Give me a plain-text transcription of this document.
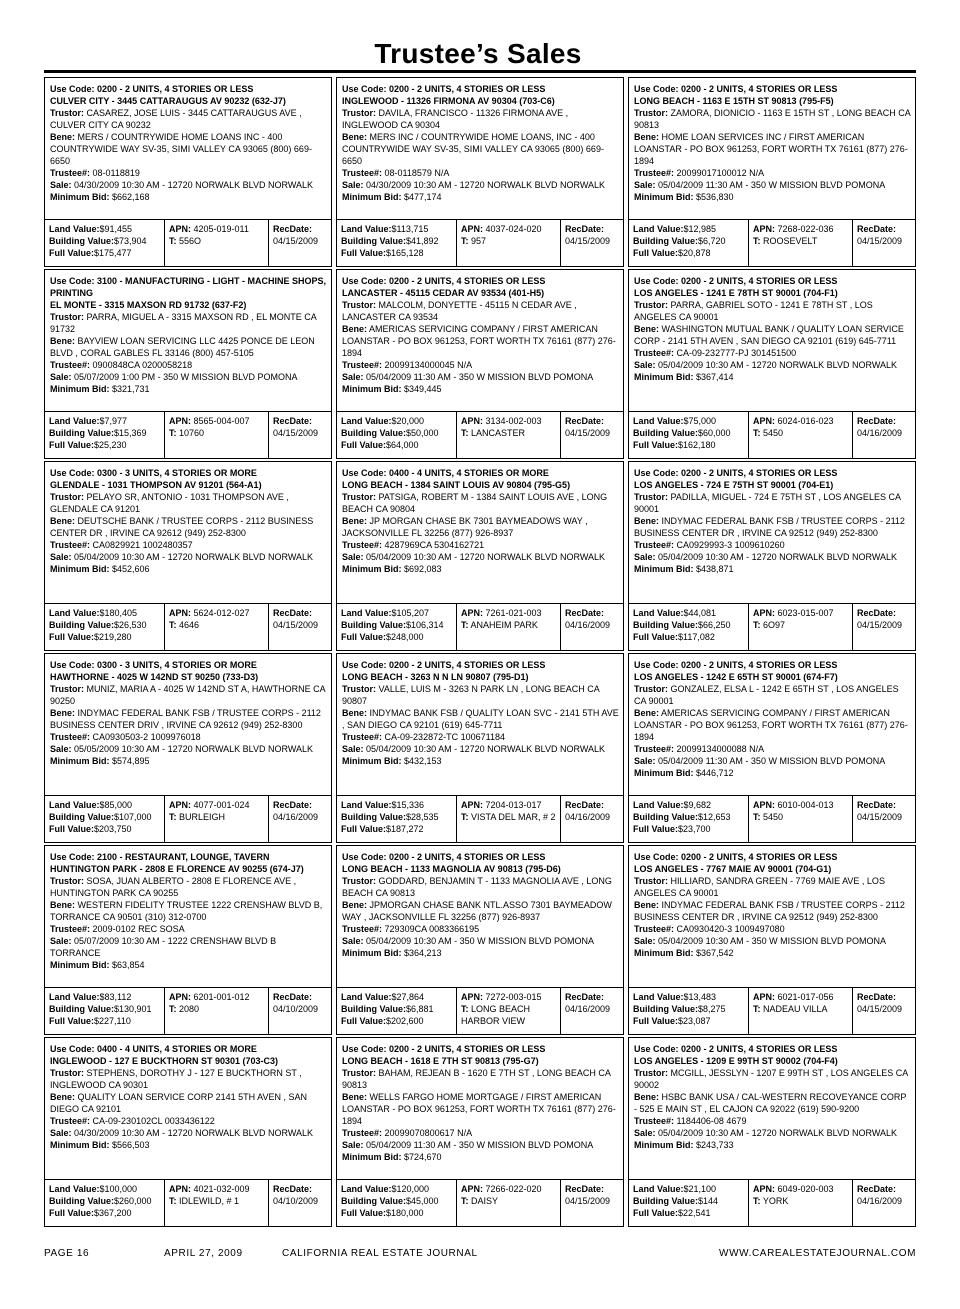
Trustee’s Sales
Use Code: 0200 - 2 UNITS, 4 STORIES OR LESS
CULVER CITY - 3445 CATTARAUGUS AV 90232 (632-J7)
Trustor: CASAREZ, JOSE LUIS - 3445 CATTARAUGUS AVE , CULVER CITY CA 90232
Bene: MERS / COUNTRYWIDE HOME LOANS INC - 400 COUNTRYWIDE WAY SV-35, SIMI VALLEY CA 93065 (800) 669-6650
Trustee#: 08-0118819
Sale: 04/30/2009 10:30 AM - 12720 NORWALK BLVD NORWALK
Minimum Bid: $662,168
Land Value:$91,455
Building Value:$73,904
Full Value:$175,477
APN: 4205-019-011
T: 556O
RecDate:
04/15/2009
Use Code: 0200 - 2 UNITS, 4 STORIES OR LESS
INGLEWOOD - 11326 FIRMONA AV 90304 (703-C6)
Trustor: DAVILA, FRANCISCO - 11326 FIRMONA AVE , INGLEWOOD CA 90304
Bene: MERS INC / COUNTRYWIDE HOME LOANS, INC - 400 COUNTRYWIDE WAY SV-35, SIMI VALLEY CA 93065 (800) 669-6650
Trustee#: 08-0118579 N/A
Sale: 04/30/2009 10:30 AM - 12720 NORWALK BLVD NORWALK
Minimum Bid: $477,174
Land Value:$113,715
Building Value:$41,892
Full Value:$165,128
APN: 4037-024-020
T: 957
RecDate:
04/15/2009
Use Code: 0200 - 2 UNITS, 4 STORIES OR LESS
LONG BEACH - 1163 E 15TH ST 90813 (795-F5)
Trustor: ZAMORA, DIONICIO - 1163 E 15TH ST , LONG BEACH CA 90813
Bene: HOME LOAN SERVICES INC / FIRST AMERICAN LOANSTAR - PO BOX 961253, FORT WORTH TX 76161 (877) 276-1894
Trustee#: 20099017100012 N/A
Sale: 05/04/2009 11:30 AM - 350 W MISSION BLVD POMONA
Minimum Bid: $536,830
Land Value:$12,985
Building Value:$6,720
Full Value:$20,878
APN: 7268-022-036
T: ROOSEVELT
RecDate:
04/15/2009
Use Code: 3100 - MANUFACTURING - LIGHT - MACHINE SHOPS, PRINTING
EL MONTE - 3315 MAXSON RD 91732 (637-F2)
Trustor: PARRA, MIGUEL A - 3315 MAXSON RD , EL MONTE CA 91732
Bene: BAYVIEW LOAN SERVICING LLC 4425 PONCE DE LEON BLVD , CORAL GABLES FL 33146 (800) 457-5105
Trustee#: 0900848CA 0200058218
Sale: 05/07/2009 1:00 PM - 350 W MISSION BLVD POMONA
Minimum Bid: $321,731
Land Value:$7,977
Building Value:$15,369
Full Value:$25,230
APN: 8565-004-007
T: 10760
RecDate:
04/15/2009
Use Code: 0200 - 2 UNITS, 4 STORIES OR LESS
LANCASTER - 45115 CEDAR AV 93534 (401-H5)
Trustor: MALCOLM, DONYETTE - 45115 N CEDAR AVE , LANCASTER CA 93534
Bene: AMERICAS SERVICING COMPANY / FIRST AMERICAN LOANSTAR - PO BOX 961253, FORT WORTH TX 76161 (877) 276-1894
Trustee#: 20099134000045 N/A
Sale: 05/04/2009 11:30 AM - 350 W MISSION BLVD POMONA
Minimum Bid: $349,445
Land Value:$20,000
Building Value:$50,000
Full Value:$64,000
APN: 3134-002-003
T: LANCASTER
RecDate:
04/15/2009
Use Code: 0200 - 2 UNITS, 4 STORIES OR LESS
LOS ANGELES - 1241 E 78TH ST 90001 (704-F1)
Trustor: PARRA, GABRIEL SOTO - 1241 E 78TH ST , LOS ANGELES CA 90001
Bene: WASHINGTON MUTUAL BANK / QUALITY LOAN SERVICE CORP - 2141 5TH AVEN , SAN DIEGO CA 92101 (619) 645-7711
Trustee#: CA-09-232777-PJ 301451500
Sale: 05/04/2009 10:30 AM - 12720 NORWALK BLVD NORWALK
Minimum Bid: $367,414
Land Value:$75,000
Building Value:$60,000
Full Value:$162,180
APN: 6024-016-023
T: 5450
RecDate:
04/16/2009
Use Code: 0300 - 3 UNITS, 4 STORIES OR MORE
GLENDALE - 1031 THOMPSON AV 91201 (564-A1)
Trustor: PELAYO SR, ANTONIO - 1031 THOMPSON AVE , GLENDALE CA 91201
Bene: DEUTSCHE BANK / TRUSTEE CORPS - 2112 BUSINESS CENTER DR , IRVINE CA 92612 (949) 252-8300
Trustee#: CA0829921 1002480357
Sale: 05/04/2009 10:30 AM - 12720 NORWALK BLVD NORWALK
Minimum Bid: $452,606
Land Value:$180,405
Building Value:$26,530
Full Value:$219,280
APN: 5624-012-027
T: 4646
RecDate:
04/15/2009
Use Code: 0400 - 4 UNITS, 4 STORIES OR MORE
LONG BEACH - 1384 SAINT LOUIS AV 90804 (795-G5)
Trustor: PATSIGA, ROBERT M - 1384 SAINT LOUIS AVE , LONG BEACH CA 90804
Bene: JP MORGAN CHASE BK 7301 BAYMEADOWS WAY , JACKSONVILLE FL 32256 (877) 926-8937
Trustee#: 4287969CA 5304162721
Sale: 05/04/2009 10:30 AM - 12720 NORWALK BLVD NORWALK
Minimum Bid: $692,083
Land Value:$105,207
Building Value:$106,314
Full Value:$248,000
APN: 7261-021-003
T: ANAHEIM PARK
RecDate:
04/16/2009
Use Code: 0200 - 2 UNITS, 4 STORIES OR LESS
LOS ANGELES - 724 E 75TH ST 90001 (704-E1)
Trustor: PADILLA, MIGUEL - 724 E 75TH ST , LOS ANGELES CA 90001
Bene: INDYMAC FEDERAL BANK FSB / TRUSTEE CORPS - 2112 BUSINESS CENTER DR , IRVINE CA 92512 (949) 252-8300
Trustee#: CA0929993-3 1009610260
Sale: 05/04/2009 10:30 AM - 12720 NORWALK BLVD NORWALK
Minimum Bid: $438,871
Land Value:$44,081
Building Value:$66,250
Full Value:$117,082
APN: 6023-015-007
T: 6O97
RecDate:
04/15/2009
Use Code: 0300 - 3 UNITS, 4 STORIES OR MORE
HAWTHORNE - 4025 W 142ND ST 90250 (733-D3)
Trustor: MUNIZ, MARIA A - 4025 W 142ND ST A, HAWTHORNE CA 90250
Bene: INDYMAC FEDERAL BANK FSB / TRUSTEE CORPS - 2112 BUSINESS CENTER DRIV , IRVINE CA 92612 (949) 252-8300
Trustee#: CA0930503-2 1009976018
Sale: 05/05/2009 10:30 AM - 12720 NORWALK BLVD NORWALK
Minimum Bid: $574,895
Land Value:$85,000
Building Value:$107,000
Full Value:$203,750
APN: 4077-001-024
T: BURLEIGH
RecDate:
04/16/2009
Use Code: 0200 - 2 UNITS, 4 STORIES OR LESS
LONG BEACH - 3263 N N LN 90807 (795-D1)
Trustor: VALLE, LUIS M - 3263 N PARK LN , LONG BEACH CA 90807
Bene: INDYMAC BANK FSB / QUALITY LOAN SVC - 2141 5TH AVE , SAN DIEGO CA 92101 (619) 645-7711
Trustee#: CA-09-232872-TC 100671184
Sale: 05/04/2009 10:30 AM - 12720 NORWALK BLVD NORWALK
Minimum Bid: $432,153
Land Value:$15,336
Building Value:$28,535
Full Value:$187,272
APN: 7204-013-017
T: VISTA DEL MAR, # 2
RecDate:
04/16/2009
Use Code: 0200 - 2 UNITS, 4 STORIES OR LESS
LOS ANGELES - 1242 E 65TH ST 90001 (674-F7)
Trustor: GONZALEZ, ELSA L - 1242 E 65TH ST , LOS ANGELES CA 90001
Bene: AMERICAS SERVICING COMPANY / FIRST AMERICAN LOANSTAR - PO BOX 961253, FORT WORTH TX 76161 (877) 276-1894
Trustee#: 20099134000088 N/A
Sale: 05/04/2009 11:30 AM - 350 W MISSION BLVD POMONA
Minimum Bid: $446,712
Land Value:$9,682
Building Value:$12,653
Full Value:$23,700
APN: 6010-004-013
T: 5450
RecDate:
04/15/2009
Use Code: 2100 - RESTAURANT, LOUNGE, TAVERN
HUNTINGTON PARK - 2808 E FLORENCE AV 90255 (674-J7)
Trustor: SOSA, JUAN ALBERTO - 2808 E FLORENCE AVE , HUNTINGTON PARK CA 90255
Bene: WESTERN FIDELITY TRUSTEE 1222 CRENSHAW BLVD B, TORRANCE CA 90501 (310) 312-0700
Trustee#: 2009-0102 REC SOSA
Sale: 05/07/2009 10:30 AM - 1222 CRENSHAW BLVD B TORRANCE
Minimum Bid: $63,854
Land Value:$83,112
Building Value:$130,901
Full Value:$227,110
APN: 6201-001-012
T: 2080
RecDate:
04/10/2009
Use Code: 0200 - 2 UNITS, 4 STORIES OR LESS
LONG BEACH - 1133 MAGNOLIA AV 90813 (795-D6)
Trustor: GODDARD, BENJAMIN T - 1133 MAGNOLIA AVE , LONG BEACH CA 90813
Bene: JPMORGAN CHASE BANK NTL.ASSO 7301 BAYMEADOW WAY , JACKSONVILLE FL 32256 (877) 926-8937
Trustee#: 729309CA 0083366195
Sale: 05/04/2009 10:30 AM - 350 W MISSION BLVD POMONA
Minimum Bid: $364,213
Land Value:$27,864
Building Value:$6,881
Full Value:$202,600
APN: 7272-003-015
T: LONG BEACH HARBOR VIEW
RecDate:
04/16/2009
Use Code: 0200 - 2 UNITS, 4 STORIES OR LESS
LOS ANGELES - 7767 MAIE AV 90001 (704-G1)
Trustor: HILLIARD, SANDRA GREEN - 7769 MAIE AVE , LOS ANGELES CA 90001
Bene: INDYMAC FEDERAL BANK FSB / TRUSTEE CORPS - 2112 BUSINESS CENTER DR , IRVINE CA 92512 (949) 252-8300
Trustee#: CA0930420-3 1009497080
Sale: 05/04/2009 10:30 AM - 350 W MISSION BLVD POMONA
Minimum Bid: $367,542
Land Value:$13,483
Building Value:$8,275
Full Value:$23,087
APN: 6021-017-056
T: NADEAU VILLA
RecDate:
04/15/2009
Use Code: 0400 - 4 UNITS, 4 STORIES OR MORE
INGLEWOOD - 127 E BUCKTHORN ST 90301 (703-C3)
Trustor: STEPHENS, DOROTHY J - 127 E BUCKTHORN ST , INGLEWOOD CA 90301
Bene: QUALITY LOAN SERVICE CORP 2141 5TH AVEN , SAN DIEGO CA 92101
Trustee#: CA-09-230102CL 0033436122
Sale: 04/30/2009 10:30 AM - 12720 NORWALK BLVD NORWALK
Minimum Bid: $566,503
Land Value:$100,000
Building Value:$260,000
Full Value:$367,200
APN: 4021-032-009
T: IDLEWILD, # 1
RecDate:
04/10/2009
Use Code: 0200 - 2 UNITS, 4 STORIES OR LESS
LONG BEACH - 1618 E 7TH ST 90813 (795-G7)
Trustor: BAHAM, REJEAN B - 1620 E 7TH ST , LONG BEACH CA 90813
Bene: WELLS FARGO HOME MORTGAGE / FIRST AMERICAN LOANSTAR - PO BOX 961253, FORT WORTH TX 76161 (877) 276-1894
Trustee#: 20099070800617 N/A
Sale: 05/04/2009 11:30 AM - 350 W MISSION BLVD POMONA
Minimum Bid: $724,670
Land Value:$120,000
Building Value:$45,000
Full Value:$180,000
APN: 7266-022-020
T: DAISY
RecDate:
04/15/2009
Use Code: 0200 - 2 UNITS, 4 STORIES OR LESS
LOS ANGELES - 1209 E 99TH ST 90002 (704-F4)
Trustor: MCGILL, JESSLYN - 1207 E 99TH ST , LOS ANGELES CA 90002
Bene: HSBC BANK USA / CAL-WESTERN RECOVEYANCE CORP - 525 E MAIN ST , EL CAJON CA 92022 (619) 590-9200
Trustee#: 1184406-08 4679
Sale: 05/04/2009 10:30 AM - 12720 NORWALK BLVD NORWALK
Minimum Bid: $243,733
Land Value:$21,100
Building Value:$144
Full Value:$22,541
APN: 6049-020-003
T: YORK
RecDate:
04/16/2009
PAGE 16	APRIL 27, 2009	CALIFORNIA REAL ESTATE JOURNAL	WWW.CAREALESTATEJOURNAL.COM
